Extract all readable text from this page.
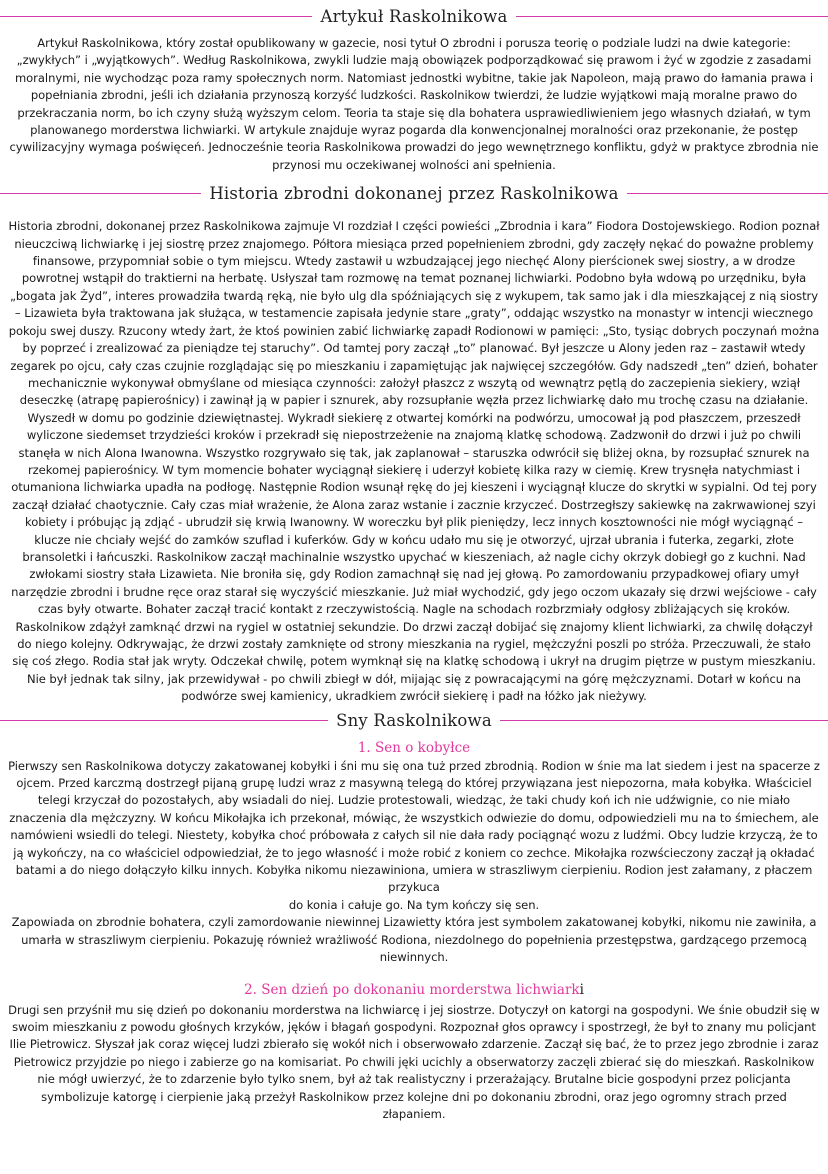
Artykuł Raskolnikowa

Artykuł Raskolnikowa, który został opublikowany w gazecie, nosi tytuł O zbrodni i porusza teorię o podziale ludzi na dwie kategorie: „zwykłych” i „wyjątkowych”. Według Raskolnikowa, zwykli ludzie mają obowiązek podporządkować się prawom i żyć w zgodzie z zasadami moralnymi, nie wychodząc poza ramy społecznych norm. Natomiast jednostki wybitne, takie jak Napoleon, mają prawo do łamania prawa i popełniania zbrodni, jeśli ich działania przynoszą korzyść ludzkości. Raskolnikow twierdzi, że ludzie wyjątkowi mają moralne prawo do przekraczania norm, bo ich czyny służą wyższym celom. Teoria ta staje się dla bohatera usprawiedliwieniem jego własnych działań, w tym planowanego morderstwa lichwiarki. W artykule znajduje wyraz pogarda dla konwencjonalnej moralności oraz przekonanie, że postęp cywilizacyjny wymaga poświęceń. Jednocześnie teoria Raskolnikowa prowadzi do jego wewnętrznego konfliktu, gdyż w praktyce zbrodnia nie przynosi mu oczekiwanej wolności ani spełnienia.

Historia zbrodni dokonanej przez Raskolnikowa

Historia zbrodni, dokonanej przez Raskolnikowa zajmuje VI rozdział I części powieści „Zbrodnia i kara” Fiodora Dostojewskiego. Rodion poznał nieuczciwą lichwiarkę i jej siostrę przez znajomego. Półtora miesiąca przed popełnieniem zbrodni, gdy zaczęły nękać do poważne problemy finansowe, przypomniał sobie o tym miejscu. Wtedy zastawił u wzbudzającej jego niechęć Alony pierścionek swej siostry, a w drodze powrotnej wstąpił do traktierni na herbatę. Usłyszał tam rozmowę na temat poznanej lichwiarki. Podobno była wdową po urzędniku, była „bogata jak Żyd”, interes prowadziła twardą ręką, nie było ulg dla spóźniających się z wykupem, tak samo jak i dla mieszkającej z nią siostry – Lizawieta była traktowana jak służąca, w testamencie zapisała jedynie stare „graty”, oddając wszystko na monastyr w intencji wiecznego pokoju swej duszy. Rzucony wtedy żart, że ktoś powinien zabić lichwiarkę zapadł Rodionowi w pamięci: „Sto, tysiąc dobrych poczynań można by poprzeć i zrealizować za pieniądze tej staruchy”. Od tamtej pory zaczął „to” planować. Był jeszcze u Alony jeden raz – zastawił wtedy zegarek po ojcu, cały czas czujnie rozglądając się po mieszkaniu i zapamiętując jak najwięcej szczegółów. Gdy nadszedł „ten” dzień, bohater mechanicznie wykonywał obmyślane od miesiąca czynności: założył płaszcz z wszytą od wewnątrz pętlą do zaczepienia siekiery, wziął deseczkę (atrapę papierośnicy) i zawinął ją w papier i sznurek, aby rozsupłanie węzła przez lichwiarkę dało mu trochę czasu na działanie. Wyszedł w domu po godzinie dziewiętnastej. Wykradł siekierę z otwartej komórki na podwórzu, umocował ją pod płaszczem, przeszedł wyliczone siedemset trzydzieści kroków i przekradł się niepostrzeżenie na znajomą klatkę schodową. Zadzwonił do drzwi i już po chwili stanęła w nich Alona Iwanowna. Wszystko rozgrywało się tak, jak zaplanował – staruszka odwrócił się bliżej okna, by rozsupłać sznurek na rzekomej papierośnicy. W tym momencie bohater wyciągnął siekierę i uderzył kobietę kilka razy w ciemię. Krew trysnęła natychmiast i otumaniona lichwiarka upadła na podłogę. Następnie Rodion wsunął rękę do jej kieszeni i wyciągnął klucze do skrytki w sypialni. Od tej pory zaczął działać chaotycznie. Cały czas miał wrażenie, że Alona zaraz wstanie i zacznie krzyczeć. Dostrzegłszy sakiewkę na zakrwawionej szyi kobiety i próbując ją zdjąć - ubrudził się krwią Iwanowny. W woreczku był plik pieniędzy, lecz innych kosztowności nie mógł wyciągnąć – klucze nie chciały wejść do zamków szuflad i kuferków. Gdy w końcu udało mu się je otworzyć, ujrzał ubrania i futerka, zegarki, złote bransoletki i łańcuszki. Raskolnikow zaczął machinalnie wszystko upychać w kieszeniach, aż nagle cichy okrzyk dobiegł go z kuchni. Nad zwłokami siostry stała Lizawieta. Nie broniła się, gdy Rodion zamachnął się nad jej głową. Po zamordowaniu przypadkowej ofiary umył narzędzie zbrodni i brudne ręce oraz starał się wyczyścić mieszkanie. Już miał wychodzić, gdy jego oczom ukazały się drzwi wejściowe - cały czas były otwarte. Bohater zaczął tracić kontakt z rzeczywistością. Nagle na schodach rozbrzmiały odgłosy zbliżających się kroków. Raskolnikow zdążył zamknąć drzwi na rygiel w ostatniej sekundzie. Do drzwi zaczął dobijać się znajomy klient lichwiarki, za chwilę dołączył do niego kolejny. Odkrywając, że drzwi zostały zamknięte od strony mieszkania na rygiel, mężczyźni poszli po stróża. Przeczuwali, że stało się coś złego. Rodia stał jak wryty. Odczekał chwilę, potem wymknął się na klatkę schodową i ukrył na drugim piętrze w pustym mieszkaniu. Nie był jednak tak silny, jak przewidywał - po chwili zbiegł w dół, mijając się z powracającymi na górę mężczyznami. Dotarł w końcu na podwórze swej kamienicy, ukradkiem zwrócił siekierę i padł na łóżko jak nieżywy.

Sny Raskolnikowa
1. Sen o kobyłce

Pierwszy sen Raskolnikowa dotyczy zakatowanej kobyłki i śni mu się ona tuż przed zbrodnią. Rodion w śnie ma lat siedem i jest na spacerze z ojcem. Przed karczmą dostrzegł pijaną grupę ludzi wraz z masywną telegą do której przywiązana jest niepozorna, mała kobyłka. Właściciel telegi krzyczał do pozostałych, aby wsiadali do niej. Ludzie protestowali, wiedząc, że taki chudy koń ich nie udźwignie, co nie miało znaczenia dla mężczyzny. W końcu Mikołajka ich przekonał, mówiąc, że wszystkich odwiezie do domu, odpowiedzieli mu na to śmiechem, ale namówieni wsiedli do telegi. Niestety, kobyłka choć próbowała z całych sil nie dała rady pociągnąć wozu z ludźmi. Obcy ludzie krzyczą, że to ją wykończy, na co właściciel odpowiedział, że to jego własność i może robić z koniem co zechce. Mikołajka rozwścieczony zaczął ją okładać batami a do niego dołączyło kilku innych. Kobyłka nikomu niezawiniona, umiera w straszliwym cierpieniu. Rodion jest załamany, z płaczem przykuca

do konia i całuje go. Na tym kończy się sen.

Zapowiada on zbrodnie bohatera, czyli zamordowanie niewinnej Lizawietty która jest symbolem zakatowanej kobyłki, nikomu nie zawiniła, a umarła w straszliwym cierpieniu. Pokazuję również wrażliwość Rodiona, niezdolnego do popełnienia przestępstwa, gardzącego przemocą niewinnych.

2. Sen dzień po dokonaniu morderstwa lichwiarki

Drugi sen przyśnił mu się dzień po dokonaniu morderstwa na lichwiarcę i jej siostrze. Dotyczył on katorgi na gospodyni. We śnie obudził się w swoim mieszkaniu z powodu głośnych krzyków, jęków i błagań gospodyni. Rozpoznał głos oprawcy i spostrzegł, że był to znany mu policjant Ilie Pietrowicz. Słyszał jak coraz więcej ludzi zbierało się wokół nich i obserwowało zdarzenie. Zaczął się bać, że to przez jego zbrodnie i zaraz Pietrowicz przyjdzie po niego i zabierze go na komisariat. Po chwili jęki ucichly a obserwatorzy zaczęli zbierać się do mieszkań. Raskolnikow nie mógł uwierzyć, że to zdarzenie było tylko snem, był aż tak realistyczny i przerażający. Brutalne bicie gospodyni przez policjanta symbolizuje katorgę i cierpienie jaką przeżył Raskolnikow przez kolejne dni po dokonaniu zbrodni, oraz jego ogromny strach przed złapaniem.
